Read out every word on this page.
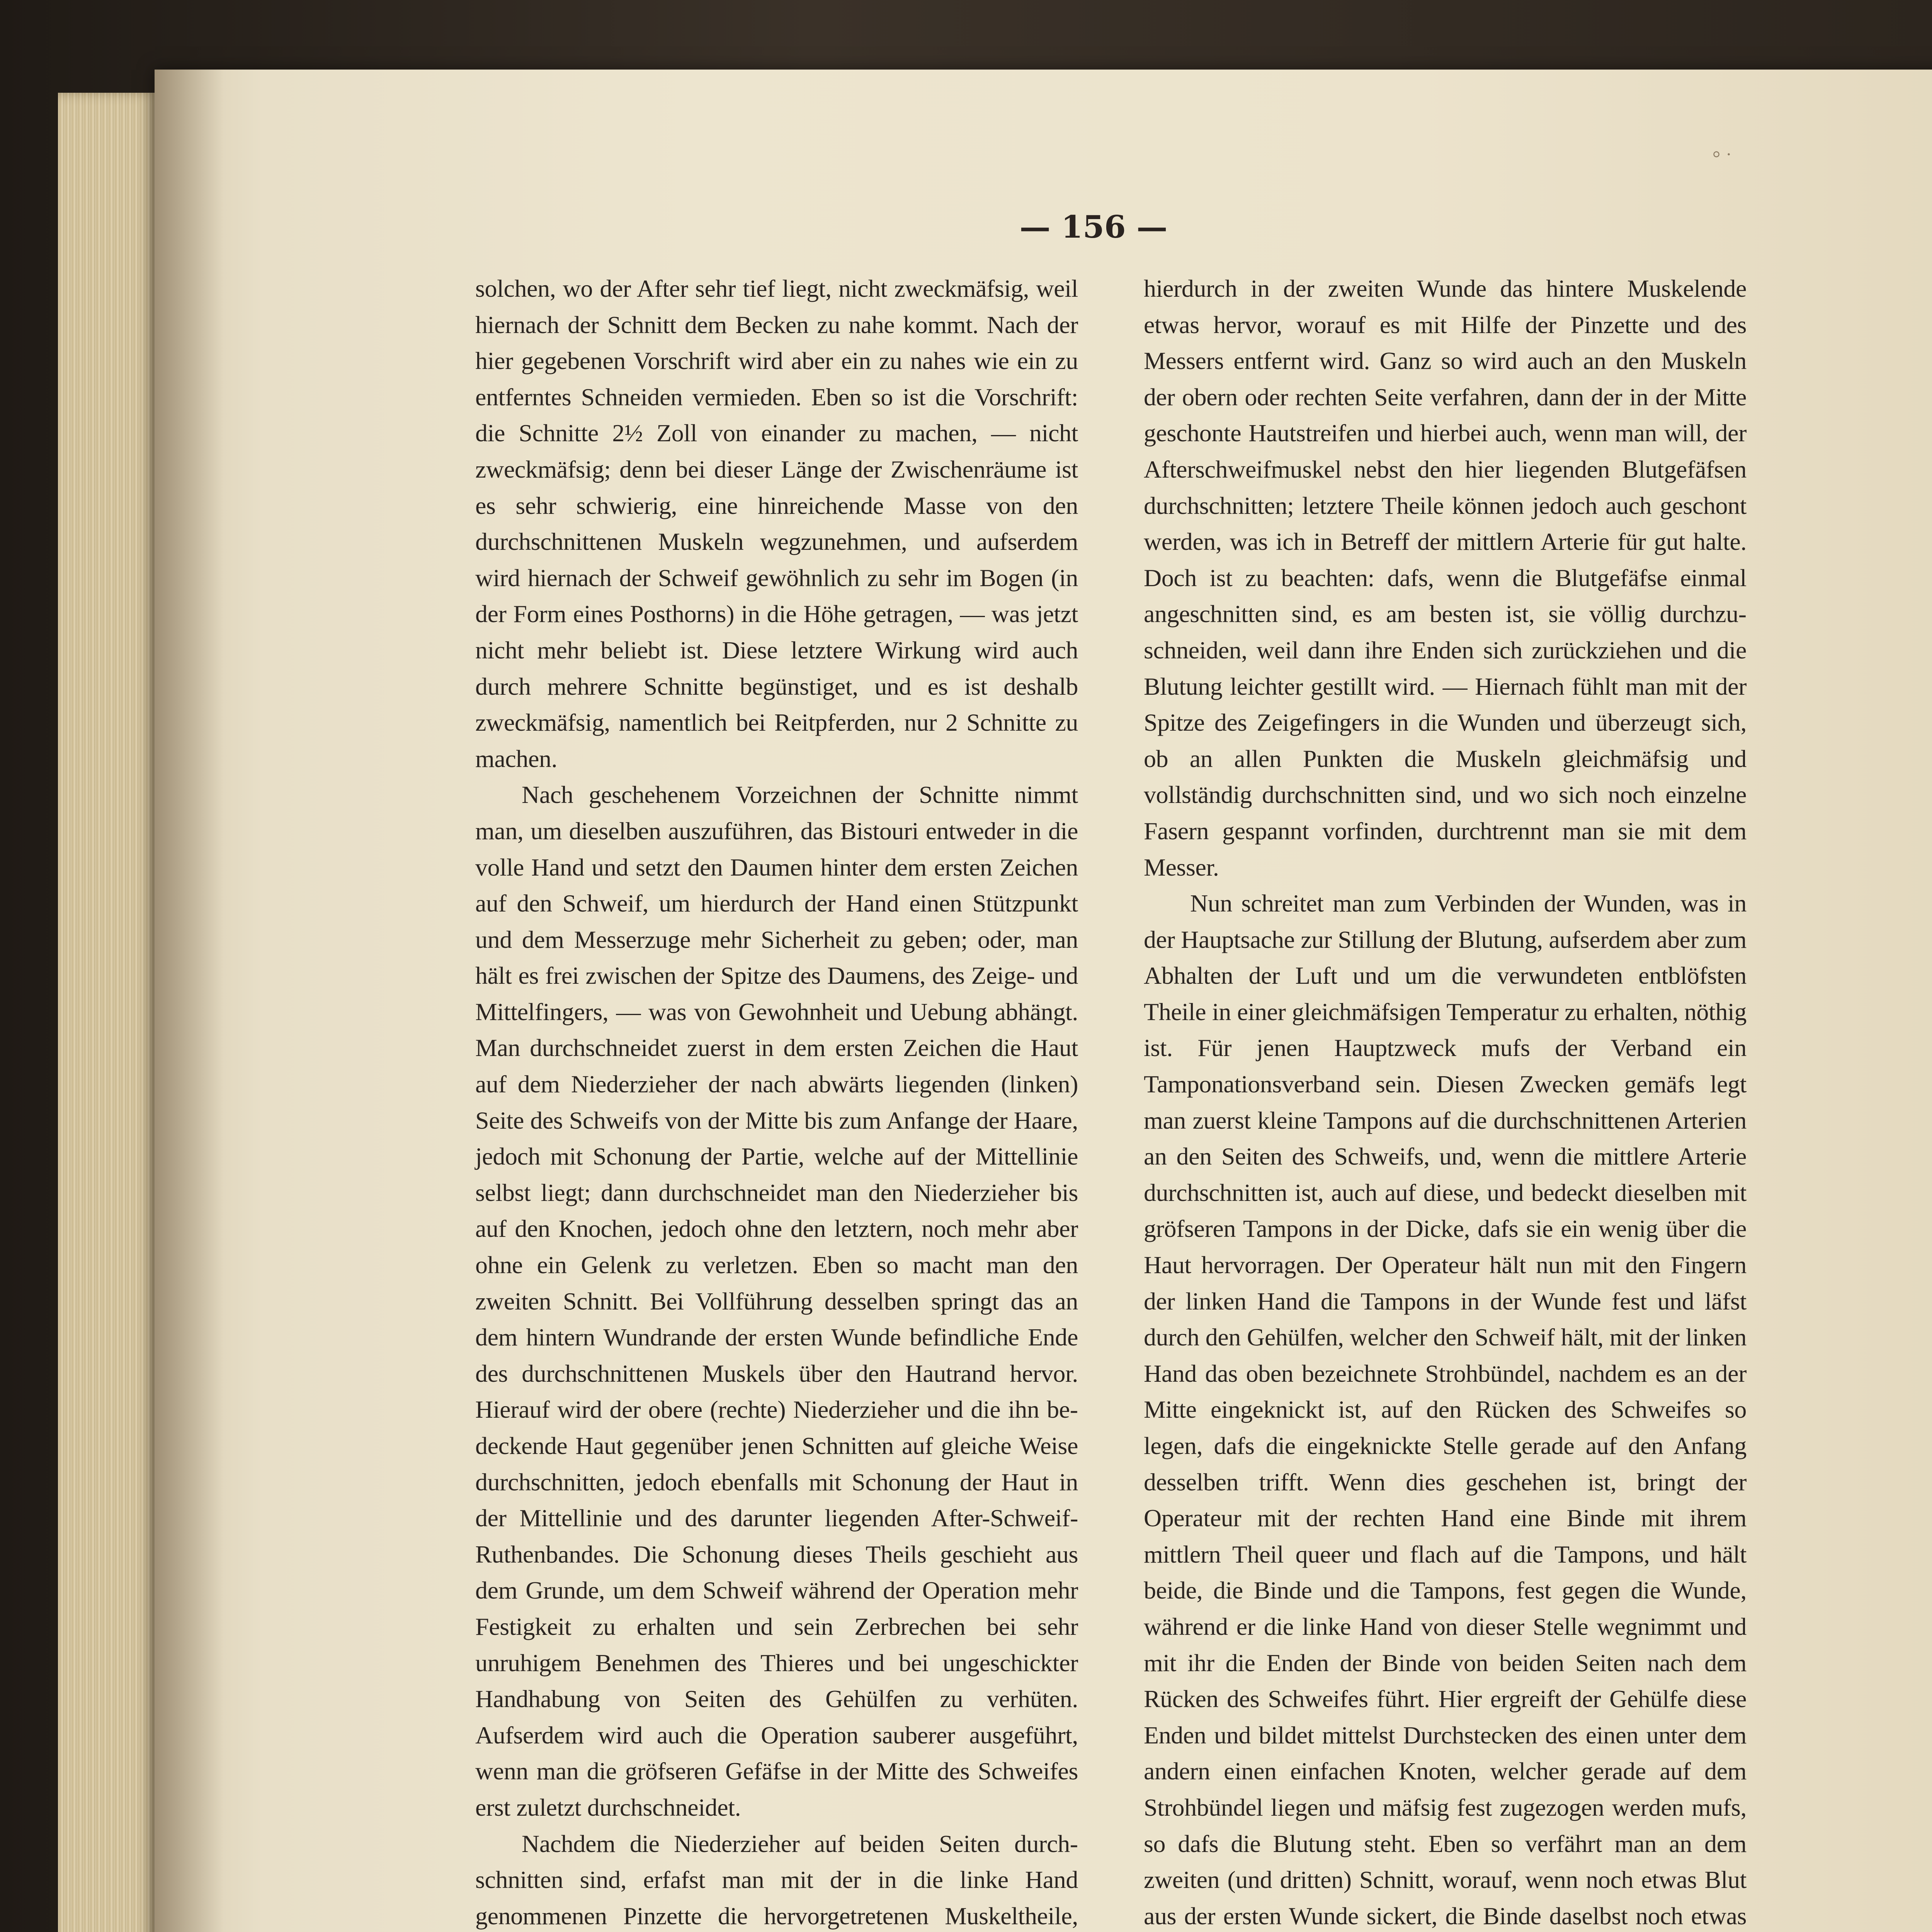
⸰ ·
— 156 —

solchen, wo der After sehr tief liegt, nicht zweckmäfsig, weil hiernach der Schnitt dem Becken zu nahe kommt. Nach der hier gegebenen Vorschrift wird aber ein zu nahes wie ein zu entferntes Schneiden vermieden. Eben so ist die Vorschrift: die Schnitte 2½ Zoll von einander zu machen, — nicht zweckmäfsig; denn bei dieser Länge der Zwischenräume ist es sehr schwierig, eine hinreichende Masse von den durchschnittenen Muskeln wegzunehmen, und aufserdem wird hiernach der Schweif gewöhnlich zu sehr im Bogen (in der Form eines Posthorns) in die Höhe getragen, — was jetzt nicht mehr beliebt ist. Diese letztere Wirkung wird auch durch mehrere Schnitte begünstiget, und es ist deshalb zweckmäfsig, namentlich bei Reitpferden, nur 2 Schnitte zu machen.

Nach geschehenem Vorzeichnen der Schnitte nimmt man, um dieselben auszuführen, das Bistouri entweder in die volle Hand und setzt den Daumen hinter dem ersten Zeichen auf den Schweif, um hierdurch der Hand einen Stützpunkt und dem Messerzuge mehr Sicherheit zu geben; oder, man hält es frei zwischen der Spitze des Daumens, des Zeige- und Mittelfingers, — was von Gewohnheit und Uebung abhängt. Man durchschneidet zuerst in dem ersten Zeichen die Haut auf dem Niederzieher der nach abwärts liegenden (linken) Seite des Schweifs von der Mitte bis zum Anfange der Haare, jedoch mit Schonung der Partie, welche auf der Mittellinie selbst liegt; dann durchschneidet man den Niederzieher bis auf den Knochen, jedoch ohne den letztern, noch mehr aber ohne ein Gelenk zu verletzen. Eben so macht man den zweiten Schnitt. Bei Vollführung desselben springt das an dem hintern Wundrande der ersten Wunde befindliche Ende des durchschnittenen Muskels über den Hautrand hervor. Hierauf wird der obere (rechte) Niederzieher und die ihn bedeckende Haut gegenüber jenen Schnitten auf gleiche Weise durchschnitten, jedoch ebenfalls mit Schonung der Haut in der Mittellinie und des darunter liegenden After-Schweif-Ruthenbandes. Die Schonung dieses Theils geschieht aus dem Grunde, um dem Schweif während der Operation mehr Festigkeit zu erhalten und sein Zerbrechen bei sehr unruhigem Benehmen des Thieres und bei ungeschickter Handhabung von Seiten des Gehülfen zu verhüten. Aufserdem wird auch die Operation sauberer ausgeführt, wenn man die gröfseren Gefäfse in der Mitte des Schweifes erst zuletzt durchschneidet.

Nachdem die Niederzieher auf beiden Seiten durchschnitten sind, erfafst man mit der in die linke Hand genommenen Pinzette die hervorgetretenen Muskeltheile,

hierdurch in der zweiten Wunde das hintere Muskelende etwas hervor, worauf es mit Hilfe der Pinzette und des Messers entfernt wird. Ganz so wird auch an den Muskeln der obern oder rechten Seite verfahren, dann der in der Mitte geschonte Hautstreifen und hierbei auch, wenn man will, der Afterschweifmuskel nebst den hier liegenden Blutgefäfsen durchschnitten; letztere Theile können jedoch auch geschont werden, was ich in Betreff der mittlern Arterie für gut halte. Doch ist zu beachten: dafs, wenn die Blutgefäfse einmal angeschnitten sind, es am besten ist, sie völlig durchzuschneiden, weil dann ihre Enden sich zurückziehen und die Blutung leichter gestillt wird. — Hiernach fühlt man mit der Spitze des Zeigefingers in die Wunden und überzeugt sich, ob an allen Punkten die Muskeln gleichmäfsig und vollständig durchschnitten sind, und wo sich noch einzelne Fasern gespannt vorfinden, durchtrennt man sie mit dem Messer.

Nun schreitet man zum Verbinden der Wunden, was in der Hauptsache zur Stillung der Blutung, aufserdem aber zum Abhalten der Luft und um die verwundeten entblöfsten Theile in einer gleichmäfsigen Temperatur zu erhalten, nöthig ist. Für jenen Hauptzweck mufs der Verband ein Tamponationsverband sein. Diesen Zwecken gemäfs legt man zuerst kleine Tampons auf die durchschnittenen Arterien an den Seiten des Schweifs, und, wenn die mittlere Arterie durchschnitten ist, auch auf diese, und bedeckt dieselben mit gröfseren Tampons in der Dicke, dafs sie ein wenig über die Haut hervorragen. Der Operateur hält nun mit den Fingern der linken Hand die Tampons in der Wunde fest und läfst durch den Gehülfen, welcher den Schweif hält, mit der linken Hand das oben bezeichnete Strohbündel, nachdem es an der Mitte eingeknickt ist, auf den Rücken des Schweifes so legen, dafs die eingeknickte Stelle gerade auf den Anfang desselben trifft. Wenn dies geschehen ist, bringt der Operateur mit der rechten Hand eine Binde mit ihrem mittlern Theil queer und flach auf die Tampons, und hält beide, die Binde und die Tampons, fest gegen die Wunde, während er die linke Hand von dieser Stelle wegnimmt und mit ihr die Enden der Binde von beiden Seiten nach dem Rücken des Schweifes führt. Hier ergreift der Gehülfe diese Enden und bildet mittelst Durchstecken des einen unter dem andern einen einfachen Knoten, welcher gerade auf dem Strohbündel liegen und mäfsig fest zugezogen werden mufs, so dafs die Blutung steht. Eben so verfährt man an dem zweiten (und dritten) Schnitt, worauf, wenn noch etwas Blut aus der ersten Wunde sickert, die Binde daselbst noch etwas
